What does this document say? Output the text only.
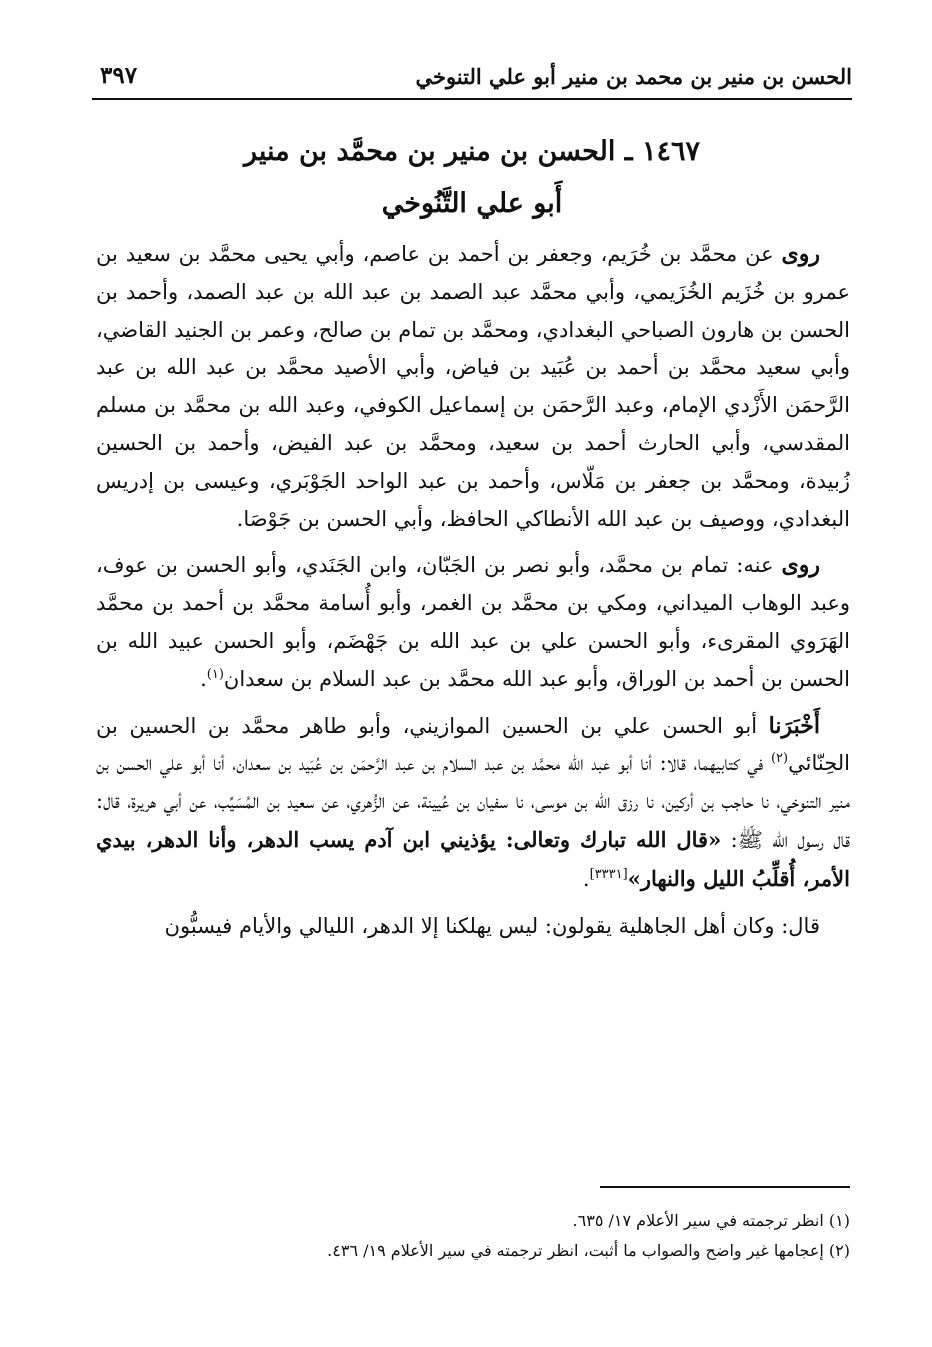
الحسن بن منير بن محمد بن منير أبو علي التنوخي
٣٩٧
١٤٦٧ ـ الحسن بن منير بن محمَّد بن منير
أَبو علي التَّنُوخي

روى عن محمَّد بن خُرَيم، وجعفر بن أحمد بن عاصم، وأبي يحيى محمَّد بن سعيد بن عمرو بن خُزَيم الخُزَيمي، وأبي محمَّد عبد الصمد بن عبد الله بن عبد الصمد، وأحمد بن الحسن بن هارون الصباحي البغدادي، ومحمَّد بن تمام بن صالح، وعمر بن الجنيد القاضي، وأبي سعيد محمَّد بن أحمد بن عُبَيد بن فياض، وأبي الأصيد محمَّد بن عبد الله بن عبد الرَّحمَن الأَزْدي الإمام، وعبد الرَّحمَن بن إسماعيل الكوفي، وعبد الله بن محمَّد بن مسلم المقدسي، وأبي الحارث أحمد بن سعيد، ومحمَّد بن عبد الفيض، وأحمد بن الحسين زُبيدة، ومحمَّد بن جعفر بن مَلّاس، وأحمد بن عبد الواحد الجَوْبَري، وعيسى بن إدريس البغدادي، ووصيف بن عبد الله الأنطاكي الحافظ، وأبي الحسن بن جَوْصَا.

روى عنه: تمام بن محمَّد، وأبو نصر بن الجَبّان، وابن الجَنَدي، وأبو الحسن بن عوف، وعبد الوهاب الميداني، ومكي بن محمَّد بن الغمر، وأبو أُسامة محمَّد بن أحمد بن محمَّد الهَرَوي المقرىء، وأبو الحسن علي بن عبد الله بن جَهْضَم، وأبو الحسن عبيد الله بن الحسن بن أحمد بن الوراق، وأبو عبد الله محمَّد بن عبد السلام بن سعدان$^{(١)}$.

أَخْبَرَنا أبو الحسن علي بن الحسين الموازيني، وأبو طاهر محمَّد بن الحسين بن الحِنّائي$^{(٢)}$ في كتابيهما، قالا: أنا أبو عبد الله محمَّد بن عبد السلام بن عبد الرَّحمَن بن عُبَيد بن سعدان، أنا أبو علي الحسن بن منير التنوخي، نا حاجب بن أركين، نا رزق الله بن موسى، نا سفيان بن عُيينة، عن الزُّهري، عن سعيد بن المُسَيِّب، عن أبي هريرة، قال: قال رسول الله ﷺ: «قال الله تبارك وتعالى: يؤذيني ابن آدم يسب الدهر، وأنا الدهر، بيدي الأمر، أُقلِّبُ الليل والنهار»[٣٣٣١].

قال: وكان أهل الجاهلية يقولون: ليس يهلكنا إلا الدهر، الليالي والأيام فيسبُّون

(١) انظر ترجمته في سير الأعلام ١٧/ ٦٣٥.
(٢) إعجامها غير واضح والصواب ما أثبت، انظر ترجمته في سير الأعلام ١٩/ ٤٣٦.
